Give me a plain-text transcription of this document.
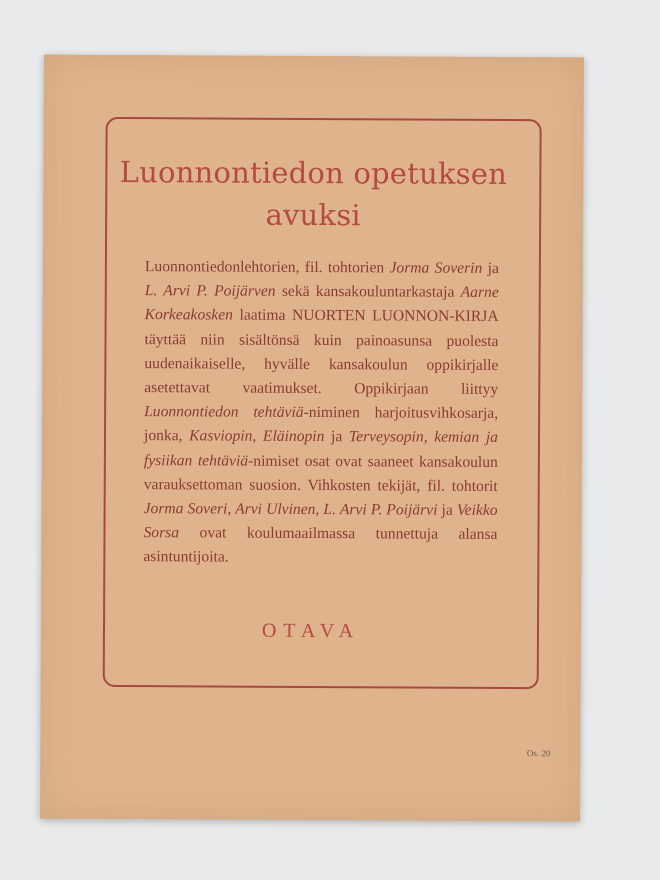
Luonnontiedon opetuksen
avuksi
Luonnontiedonlehtorien, fil. tohtorien Jorma Soverin ja L. Arvi P. Poijärven sekä kansakouluntarkastaja Aarne Korkeakosken laatima NUORTEN LUONNON-KIRJA täyttää niin sisältönsä kuin painoasunsa puolesta uudenaikaiselle, hyvälle kansakoulun oppikirjalle asetettavat vaatimukset. Oppikirjaan liittyy Luonnontiedon tehtäviä-niminen harjoitusvihkosarja, jonka, Kasviopin, Eläinopin ja Terveysopin, kemian ja fysiikan tehtäviä-nimiset osat ovat saaneet kansakoulun varauksettoman suosion. Vihkosten tekijät, fil. tohtorit Jorma Soveri, Arvi Ulvinen, L. Arvi P. Poijärvi ja Veikko Sorsa ovat koulumaailmassa tunnettuja alansa asintuntijoita.
OTAVA
Os. 20
